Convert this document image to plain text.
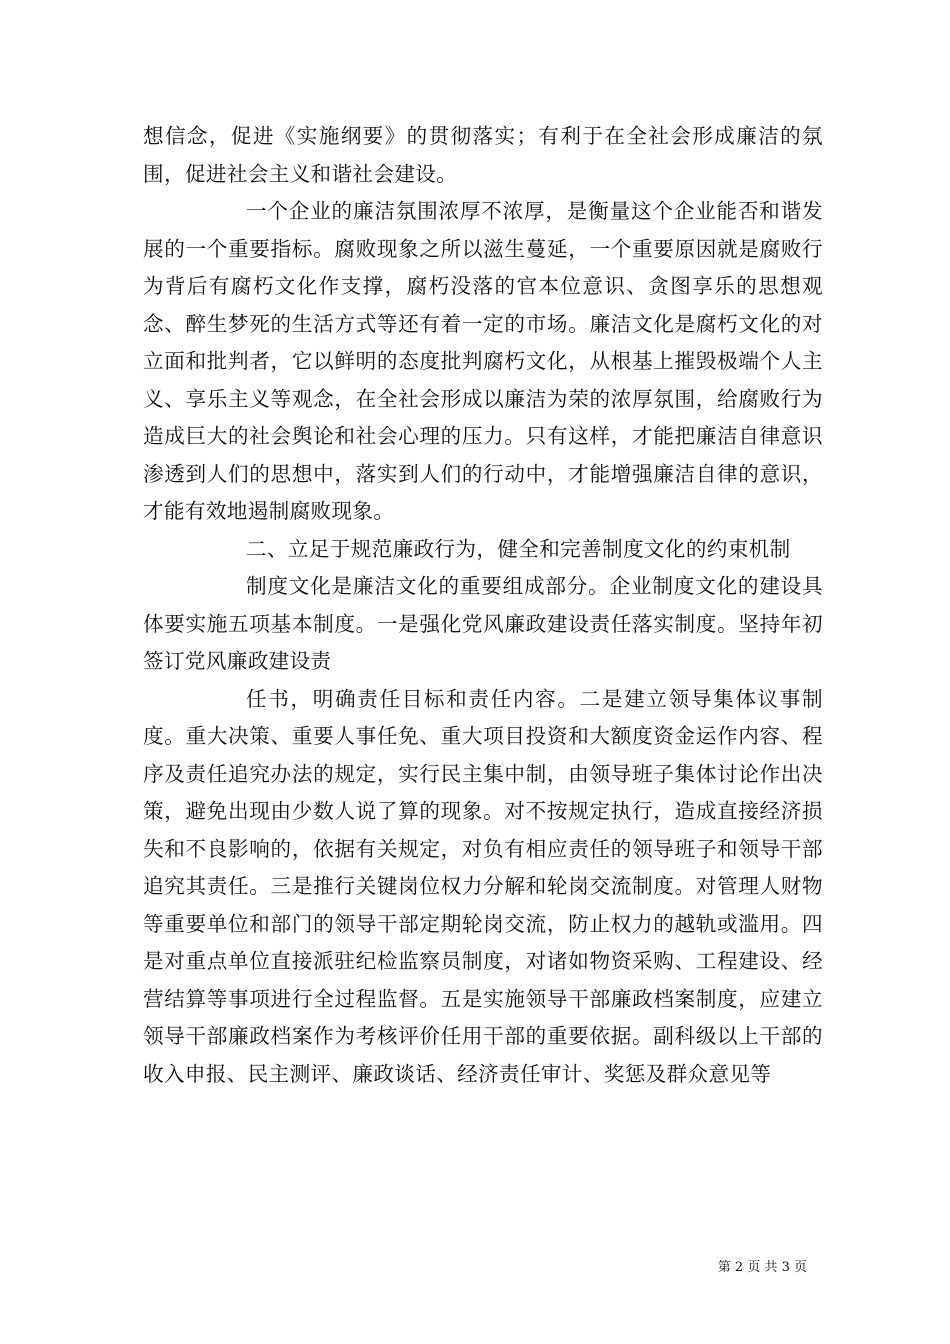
想信念，促进《实施纲要》的贯彻落实；有利于在全社会形成廉洁的氛围，促进社会主义和谐社会建设。

一个企业的廉洁氛围浓厚不浓厚，是衡量这个企业能否和谐发展的一个重要指标。腐败现象之所以滋生蔓延，一个重要原因就是腐败行为背后有腐朽文化作支撑，腐朽没落的官本位意识、贪图享乐的思想观念、醉生梦死的生活方式等还有着一定的市场。廉洁文化是腐朽文化的对立面和批判者，它以鲜明的态度批判腐朽文化，从根基上摧毁极端个人主义、享乐主义等观念，在全社会形成以廉洁为荣的浓厚氛围，给腐败行为造成巨大的社会舆论和社会心理的压力。只有这样，才能把廉洁自律意识渗透到人们的思想中，落实到人们的行动中，才能增强廉洁自律的意识，才能有效地遏制腐败现象。

二、立足于规范廉政行为，健全和完善制度文化的约束机制

制度文化是廉洁文化的重要组成部分。企业制度文化的建设具体要实施五项基本制度。一是强化党风廉政建设责任落实制度。坚持年初签订党风廉政建设责

任书，明确责任目标和责任内容。二是建立领导集体议事制度。重大决策、重要人事任免、重大项目投资和大额度资金运作内容、程序及责任追究办法的规定，实行民主集中制，由领导班子集体讨论作出决策，避免出现由少数人说了算的现象。对不按规定执行，造成直接经济损失和不良影响的，依据有关规定，对负有相应责任的领导班子和领导干部追究其责任。三是推行关键岗位权力分解和轮岗交流制度。对管理人财物等重要单位和部门的领导干部定期轮岗交流，防止权力的越轨或滥用。四是对重点单位直接派驻纪检监察员制度，对诸如物资采购、工程建设、经营结算等事项进行全过程监督。五是实施领导干部廉政档案制度，应建立领导干部廉政档案作为考核评价任用干部的重要依据。副科级以上干部的收入申报、民主测评、廉政谈话、经济责任审计、奖惩及群众意见等

第 2 页 共 3 页
